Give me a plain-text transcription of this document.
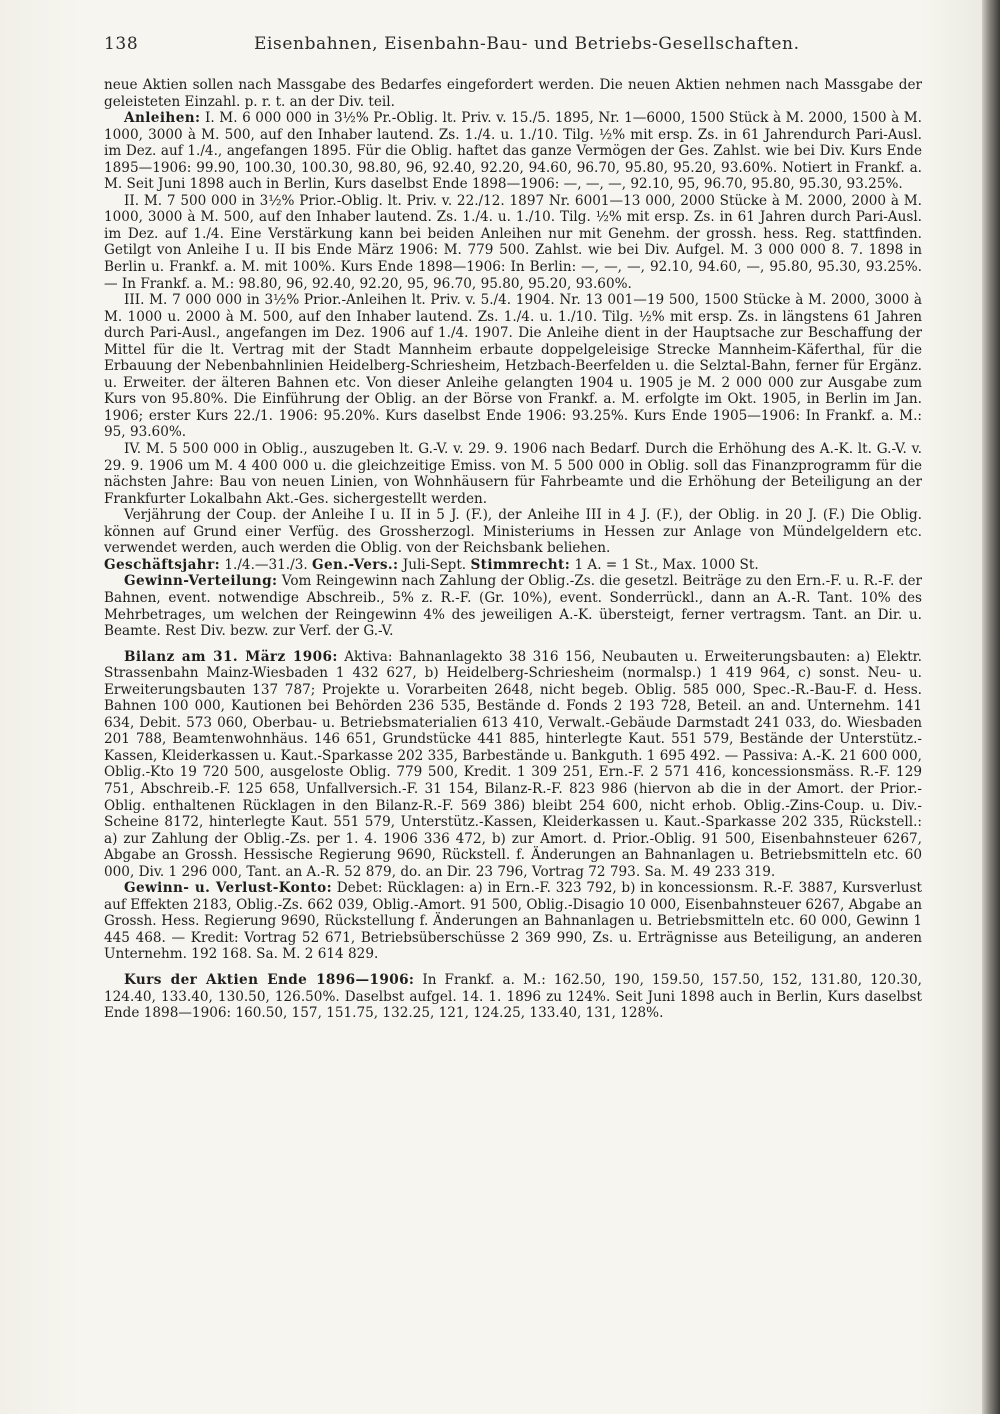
138	Eisenbahnen, Eisenbahn-Bau- und Betriebs-Gesellschaften.

neue Aktien sollen nach Massgabe des Bedarfes eingefordert werden. Die neuen Aktien nehmen nach Massgabe der geleisteten Einzahl. p. r. t. an der Div. teil.

Anleihen: I. M. 6 000 000 in 3½% Pr.-Oblig. lt. Priv. v. 15./5. 1895, Nr. 1—6000, 1500 Stück à M. 2000, 1500 à M. 1000, 3000 à M. 500, auf den Inhaber lautend. Zs. 1./4. u. 1./10. Tilg. ½% mit ersp. Zs. in 61 Jahrendurch Pari-Ausl. im Dez. auf 1./4., angefangen 1895. Für die Oblig. haftet das ganze Vermögen der Ges. Zahlst. wie bei Div. Kurs Ende 1895—1906: 99.90, 100.30, 100.30, 98.80, 96, 92.40, 92.20, 94.60, 96.70, 95.80, 95.20, 93.60%. Notiert in Frankf. a. M. Seit Juni 1898 auch in Berlin, Kurs daselbst Ende 1898—1906: —, —, —, 92.10, 95, 96.70, 95.80, 95.30, 93.25%.

II. M. 7 500 000 in 3½% Prior.-Oblig. lt. Priv. v. 22./12. 1897 Nr. 6001—13 000, 2000 Stücke à M. 2000, 2000 à M. 1000, 3000 à M. 500, auf den Inhaber lautend. Zs. 1./4. u. 1./10. Tilg. ½% mit ersp. Zs. in 61 Jahren durch Pari-Ausl. im Dez. auf 1./4. Eine Verstärkung kann bei beiden Anleihen nur mit Genehm. der grossh. hess. Reg. stattfinden. Getilgt von Anleihe I u. II bis Ende März 1906: M. 779 500. Zahlst. wie bei Div. Aufgel. M. 3 000 000 8. 7. 1898 in Berlin u. Frankf. a. M. mit 100%. Kurs Ende 1898—1906: In Berlin: —, —, —, 92.10, 94.60, —, 95.80, 95.30, 93.25%. — In Frankf. a. M.: 98.80, 96, 92.40, 92.20, 95, 96.70, 95.80, 95.20, 93.60%.

III. M. 7 000 000 in 3½% Prior.-Anleihen lt. Priv. v. 5./4. 1904. Nr. 13 001—19 500, 1500 Stücke à M. 2000, 3000 à M. 1000 u. 2000 à M. 500, auf den Inhaber lautend. Zs. 1./4. u. 1./10. Tilg. ½% mit ersp. Zs. in längstens 61 Jahren durch Pari-Ausl., angefangen im Dez. 1906 auf 1./4. 1907. Die Anleihe dient in der Hauptsache zur Beschaffung der Mittel für die lt. Vertrag mit der Stadt Mannheim erbaute doppelgeleisige Strecke Mannheim-Käferthal, für die Erbauung der Nebenbahnlinien Heidelberg-Schriesheim, Hetzbach-Beerfelden u. die Selztal-Bahn, ferner für Ergänz. u. Erweiter. der älteren Bahnen etc. Von dieser Anleihe gelangten 1904 u. 1905 je M. 2 000 000 zur Ausgabe zum Kurs von 95.80%. Die Einführung der Oblig. an der Börse von Frankf. a. M. erfolgte im Okt. 1905, in Berlin im Jan. 1906; erster Kurs 22./1. 1906: 95.20%. Kurs daselbst Ende 1906: 93.25%. Kurs Ende 1905—1906: In Frankf. a. M.: 95, 93.60%.

IV. M. 5 500 000 in Oblig., auszugeben lt. G.-V. v. 29. 9. 1906 nach Bedarf. Durch die Erhöhung des A.-K. lt. G.-V. v. 29. 9. 1906 um M. 4 400 000 u. die gleichzeitige Emiss. von M. 5 500 000 in Oblig. soll das Finanzprogramm für die nächsten Jahre: Bau von neuen Linien, von Wohnhäusern für Fahrbeamte und die Erhöhung der Beteiligung an der Frankfurter Lokalbahn Akt.-Ges. sichergestellt werden.

Verjährung der Coup. der Anleihe I u. II in 5 J. (F.), der Anleihe III in 4 J. (F.), der Oblig. in 20 J. (F.) Die Oblig. können auf Grund einer Verfüg. des Grossherzogl. Ministeriums in Hessen zur Anlage von Mündelgeldern etc. verwendet werden, auch werden die Oblig. von der Reichsbank beliehen.

Geschäftsjahr: 1./4.—31./3. Gen.-Vers.: Juli-Sept. Stimmrecht: 1 A. = 1 St., Max. 1000 St.

Gewinn-Verteilung: Vom Reingewinn nach Zahlung der Oblig.-Zs. die gesetzl. Beiträge zu den Ern.-F. u. R.-F. der Bahnen, event. notwendige Abschreib., 5% z. R.-F. (Gr. 10%), event. Sonderrückl., dann an A.-R. Tant. 10% des Mehrbetrages, um welchen der Reingewinn 4% des jeweiligen A.-K. übersteigt, ferner vertragsm. Tant. an Dir. u. Beamte. Rest Div. bezw. zur Verf. der G.-V.

Bilanz am 31. März 1906: Aktiva: Bahnanlagekto 38 316 156, Neubauten u. Erweiterungsbauten: a) Elektr. Strassenbahn Mainz-Wiesbaden 1 432 627, b) Heidelberg-Schriesheim (normalsp.) 1 419 964, c) sonst. Neu- u. Erweiterungsbauten 137 787; Projekte u. Vorarbeiten 2648, nicht begeb. Oblig. 585 000, Spec.-R.-Bau-F. d. Hess. Bahnen 100 000, Kautionen bei Behörden 236 535, Bestände d. Fonds 2 193 728, Beteil. an and. Unternehm. 141 634, Debit. 573 060, Oberbau- u. Betriebsmaterialien 613 410, Verwalt.-Gebäude Darmstadt 241 033, do. Wiesbaden 201 788, Beamtenwohnhäus. 146 651, Grundstücke 441 885, hinterlegte Kaut. 551 579, Bestände der Unterstütz.-Kassen, Kleiderkassen u. Kaut.-Sparkasse 202 335, Barbestände u. Bankguth. 1 695 492. — Passiva: A.-K. 21 600 000, Oblig.-Kto 19 720 500, ausgeloste Oblig. 779 500, Kredit. 1 309 251, Ern.-F. 2 571 416, koncessionsmäss. R.-F. 129 751, Abschreib.-F. 125 658, Unfallversich.-F. 31 154, Bilanz-R.-F. 823 986 (hiervon ab die in der Amort. der Prior.-Oblig. enthaltenen Rücklagen in den Bilanz-R.-F. 569 386) bleibt 254 600, nicht erhob. Oblig.-Zins-Coup. u. Div.-Scheine 8172, hinterlegte Kaut. 551 579, Unterstütz.-Kassen, Kleiderkassen u. Kaut.-Sparkasse 202 335, Rückstell.: a) zur Zahlung der Oblig.-Zs. per 1. 4. 1906 336 472, b) zur Amort. d. Prior.-Oblig. 91 500, Eisenbahnsteuer 6267, Abgabe an Grossh. Hessische Regierung 9690, Rückstell. f. Änderungen an Bahnanlagen u. Betriebsmitteln etc. 60 000, Div. 1 296 000, Tant. an A.-R. 52 879, do. an Dir. 23 796, Vortrag 72 793. Sa. M. 49 233 319.

Gewinn- u. Verlust-Konto: Debet: Rücklagen: a) in Ern.-F. 323 792, b) in koncessionsm. R.-F. 3887, Kursverlust auf Effekten 2183, Oblig.-Zs. 662 039, Oblig.-Amort. 91 500, Oblig.-Disagio 10 000, Eisenbahnsteuer 6267, Abgabe an Grossh. Hess. Regierung 9690, Rückstellung f. Änderungen an Bahnanlagen u. Betriebsmitteln etc. 60 000, Gewinn 1 445 468. — Kredit: Vortrag 52 671, Betriebsüberschüsse 2 369 990, Zs. u. Erträgnisse aus Beteiligung, an anderen Unternehm. 192 168. Sa. M. 2 614 829.

Kurs der Aktien Ende 1896—1906: In Frankf. a. M.: 162.50, 190, 159.50, 157.50, 152, 131.80, 120.30, 124.40, 133.40, 130.50, 126.50%. Daselbst aufgel. 14. 1. 1896 zu 124%. Seit Juni 1898 auch in Berlin, Kurs daselbst Ende 1898—1906: 160.50, 157, 151.75, 132.25, 121, 124.25, 133.40, 131, 128%.
